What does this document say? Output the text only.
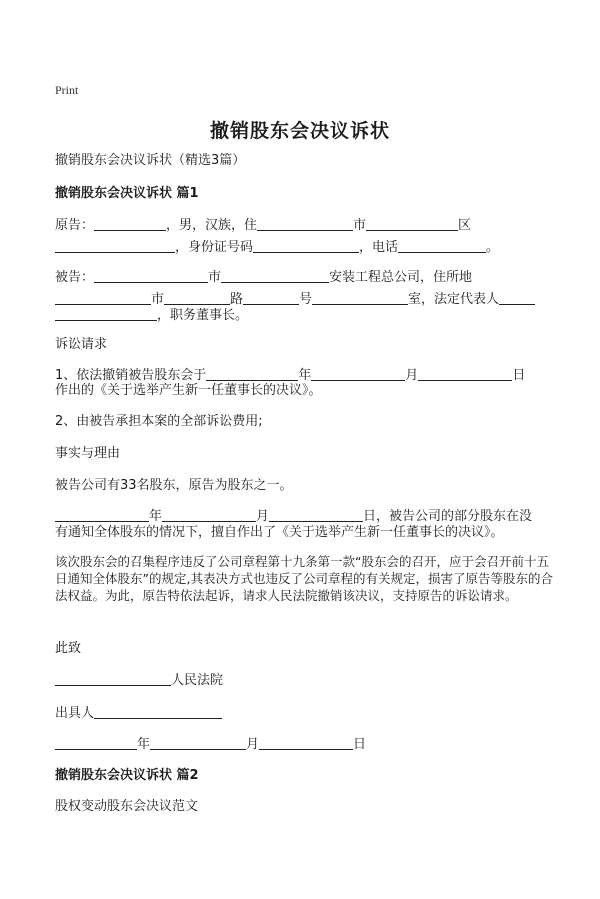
Print
撤销股东会决议诉状
撤销股东会决议诉状（精选3篇）
撤销股东会决议诉状 篇1
原告：	，男，汉族，住	市	区
，身份证号码	，电话	。
被告：	市	安装工程总公司，住所地
市	路	号	室，法定代表人
，职务董事长。
诉讼请求
1、依法撤销被告股东会于	年	月	日
作出的《关于选举产生新一任董事长的决议》。
2、由被告承担本案的全部诉讼费用;
事实与理由
被告公司有33名股东，原告为股东之一。
年	月	日，被告公司的部分股东在没
有通知全体股东的情况下，擅自作出了《关于选举产生新一任董事长的决议》。
该次股东会的召集程序违反了公司章程第十九条第一款“股东会的召开，应于会召开前十五日通知全体股东”的规定,其表决方式也违反了公司章程的有关规定，损害了原告等股东的合法权益。为此，原告特依法起诉，请求人民法院撤销该决议，支持原告的诉讼请求。
此致
人民法院
出具人
年	月	日
撤销股东会决议诉状 篇2
股权变动股东会决议范文
